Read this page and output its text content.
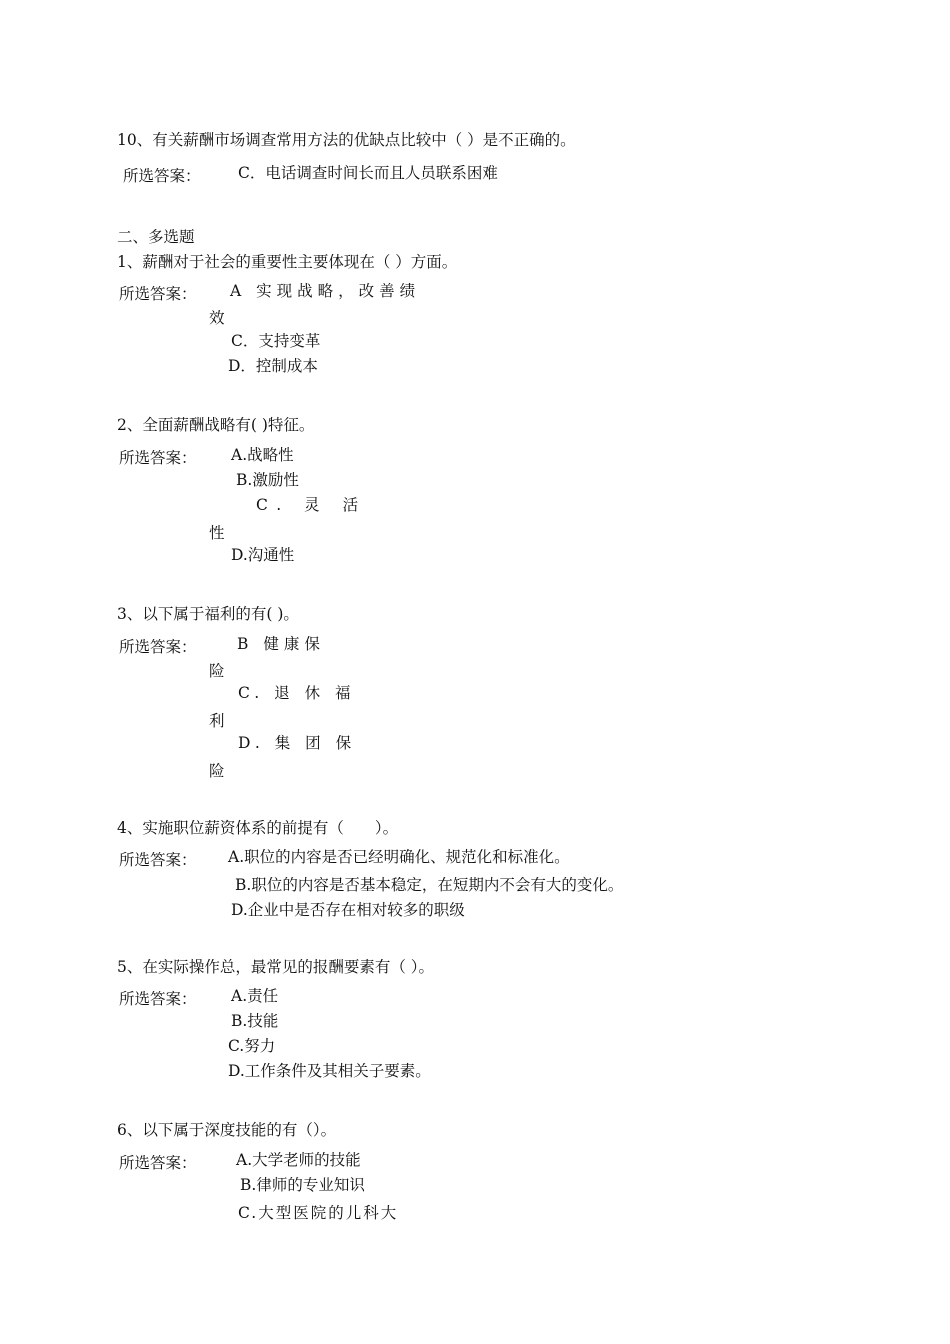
10、有关薪酬市场调查常用方法的优缺点比较中（ ）是不正确的。
所选答案： C．电话调查时间长而且人员联系困难
二、多选题
1、薪酬对于社会的重要性主要体现在（ ）方面。
所选答案： A 实现战略，改善绩
效
C．支持变革
D．控制成本
2、全面薪酬战略有( )特征。
所选答案： A.战略性
B.激励性
C. 灵 活
性
D.沟通性
3、以下属于福利的有( )。
所选答案：	B 健康保
险
C. 退 休 福
利
D. 集 团 保
险
4、实施职位薪资体系的前提有（　　）。
所选答案： A.职位的内容是否已经明确化、规范化和标准化。
B.职位的内容是否基本稳定，在短期内不会有大的变化。
D.企业中是否存在相对较多的职级
5、在实际操作总，最常见的报酬要素有（ ）。
所选答案： A.责任
B.技能
C.努力
D.工作条件及其相关子要素。
6、以下属于深度技能的有（）。
所选答案：	A.大学老师的技能
B.律师的专业知识
C.大型医院的儿科大
